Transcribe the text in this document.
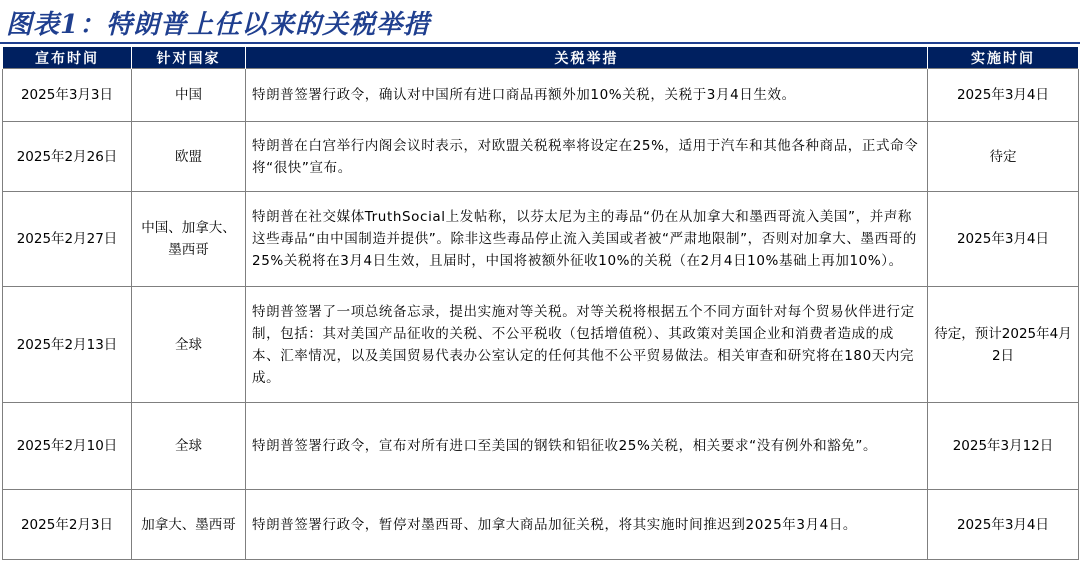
图表1：特朗普上任以来的关税举措
宣布时间	针对国家	关税举措	实施时间
2025年3月3日	中国	特朗普签署行政令，确认对中国所有进口商品再额外加10%关税，关税于3月4日生效。	2025年3月4日
2025年2月26日	欧盟	特朗普在白宫举行内阁会议时表示，对欧盟关税税率将设定在25%，适用于汽车和其他各种商品，正式命令将“很快”宣布。	待定
2025年2月27日	中国、加拿大、墨西哥	特朗普在社交媒体TruthSocial上发帖称，以芬太尼为主的毒品“仍在从加拿大和墨西哥流入美国”，并声称这些毒品“由中国制造并提供”。除非这些毒品停止流入美国或者被“严肃地限制”，否则对加拿大、墨西哥的25%关税将在3月4日生效，且届时，中国将被额外征收10%的关税（在2月4日10%基础上再加10%）。	2025年3月4日
2025年2月13日	全球	特朗普签署了一项总统备忘录，提出实施对等关税。对等关税将根据五个不同方面针对每个贸易伙伴进行定制，包括：其对美国产品征收的关税、不公平税收（包括增值税）、其政策对美国企业和消费者造成的成本、汇率情况，以及美国贸易代表办公室认定的任何其他不公平贸易做法。相关审查和研究将在180天内完成。	待定，预计2025年4月2日
2025年2月10日	全球	特朗普签署行政令，宣布对所有进口至美国的钢铁和铝征收25%关税，相关要求“没有例外和豁免”。	2025年3月12日
2025年2月3日	加拿大、墨西哥	特朗普签署行政令，暂停对墨西哥、加拿大商品加征关税，将其实施时间推迟到2025年3月4日。	2025年3月4日
